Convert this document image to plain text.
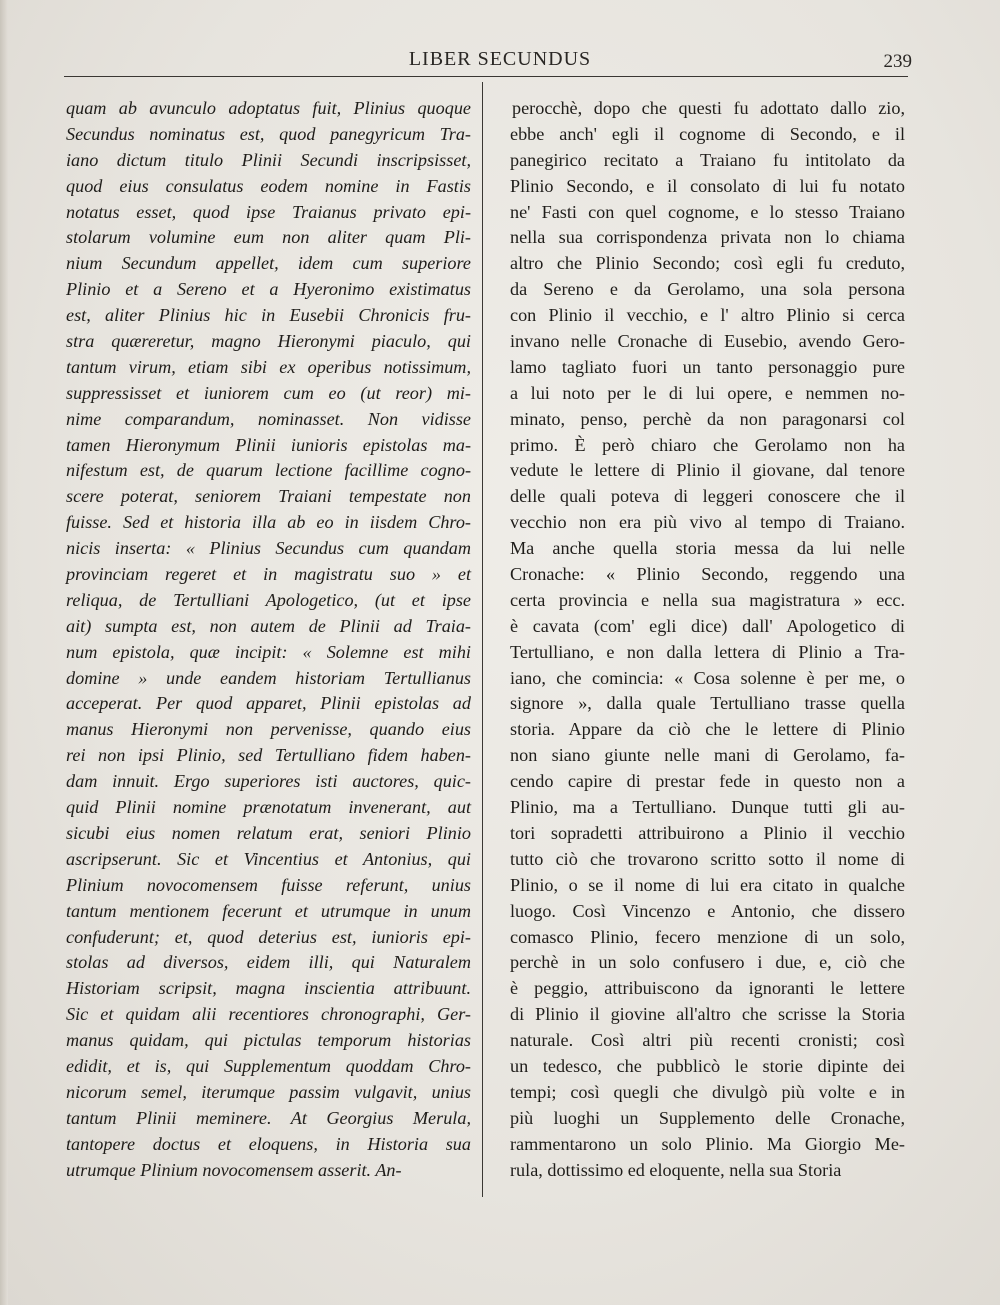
LIBER SECUNDUS	239
quam ab avunculo adoptatus fuit, Plinius quoque
Secundus nominatus est, quod panegyricum Tra-
iano dictum titulo Plinii Secundi inscripsisset,
quod eius consulatus eodem nomine in Fastis
notatus esset, quod ipse Traianus privato epi-
stolarum volumine eum non aliter quam Pli-
nium Secundum appellet, idem cum superiore
Plinio et a Sereno et a Hyeronimo existimatus
est, aliter Plinius hic in Eusebii Chronicis fru-
stra quæreretur, magno Hieronymi piaculo, qui
tantum virum, etiam sibi ex operibus notissimum,
suppressisset et iuniorem cum eo (ut reor) mi-
nime comparandum, nominasset. Non vidisse
tamen Hieronymum Plinii iunioris epistolas ma-
nifestum est, de quarum lectione facillime cogno-
scere poterat, seniorem Traiani tempestate non
fuisse. Sed et historia illa ab eo in iisdem Chro-
nicis inserta: « Plinius Secundus cum quandam
provinciam regeret et in magistratu suo » et
reliqua, de Tertulliani Apologetico, (ut et ipse
ait) sumpta est, non autem de Plinii ad Traia-
num epistola, quæ incipit: « Solemne est mihi
domine » unde eandem historiam Tertullianus
acceperat. Per quod apparet, Plinii epistolas ad
manus Hieronymi non pervenisse, quando eius
rei non ipsi Plinio, sed Tertulliano fidem haben-
dam innuit. Ergo superiores isti auctores, quic-
quid Plinii nomine prænotatum invenerant, aut
sicubi eius nomen relatum erat, seniori Plinio
ascripserunt. Sic et Vincentius et Antonius, qui
Plinium novocomensem fuisse referunt, unius
tantum mentionem fecerunt et utrumque in unum
confuderunt; et, quod deterius est, iunioris epi-
stolas ad diversos, eidem illi, qui Naturalem
Historiam scripsit, magna inscientia attribuunt.
Sic et quidam alii recentiores chronographi, Ger-
manus quidam, qui pictulas temporum historias
edidit, et is, qui Supplementum quoddam Chro-
nicorum semel, iterumque passim vulgavit, unius
tantum Plinii meminere. At Georgius Merula,
tantopere doctus et eloquens, in Historia sua
utrumque Plinium novocomensem asserit. An-
perocchè, dopo che questi fu adottato dallo zio,
ebbe anch' egli il cognome di Secondo, e il
panegirico recitato a Traiano fu intitolato da
Plinio Secondo, e il consolato di lui fu notato
ne' Fasti con quel cognome, e lo stesso Traiano
nella sua corrispondenza privata non lo chiama
altro che Plinio Secondo; così egli fu creduto,
da Sereno e da Gerolamo, una sola persona
con Plinio il vecchio, e l' altro Plinio si cerca
invano nelle Cronache di Eusebio, avendo Gero-
lamo tagliato fuori un tanto personaggio pure
a lui noto per le di lui opere, e nemmen no-
minato, penso, perchè da non paragonarsi col
primo. È però chiaro che Gerolamo non ha
vedute le lettere di Plinio il giovane, dal tenore
delle quali poteva di leggeri conoscere che il
vecchio non era più vivo al tempo di Traiano.
Ma anche quella storia messa da lui nelle
Cronache: « Plinio Secondo, reggendo una
certa provincia e nella sua magistratura » ecc.
è cavata (com' egli dice) dall' Apologetico di
Tertulliano, e non dalla lettera di Plinio a Tra-
iano, che comincia: « Cosa solenne è per me, o
signore », dalla quale Tertulliano trasse quella
storia. Appare da ciò che le lettere di Plinio
non siano giunte nelle mani di Gerolamo, fa-
cendo capire di prestar fede in questo non a
Plinio, ma a Tertulliano. Dunque tutti gli au-
tori sopradetti attribuirono a Plinio il vecchio
tutto ciò che trovarono scritto sotto il nome di
Plinio, o se il nome di lui era citato in qualche
luogo. Così Vincenzo e Antonio, che dissero
comasco Plinio, fecero menzione di un solo,
perchè in un solo confusero i due, e, ciò che
è peggio, attribuiscono da ignoranti le lettere
di Plinio il giovine all'altro che scrisse la Storia
naturale. Così altri più recenti cronisti; così
un tedesco, che pubblicò le storie dipinte dei
tempi; così quegli che divulgò più volte e in
più luoghi un Supplemento delle Cronache,
rammentarono un solo Plinio. Ma Giorgio Me-
rula, dottissimo ed eloquente, nella sua Storia
